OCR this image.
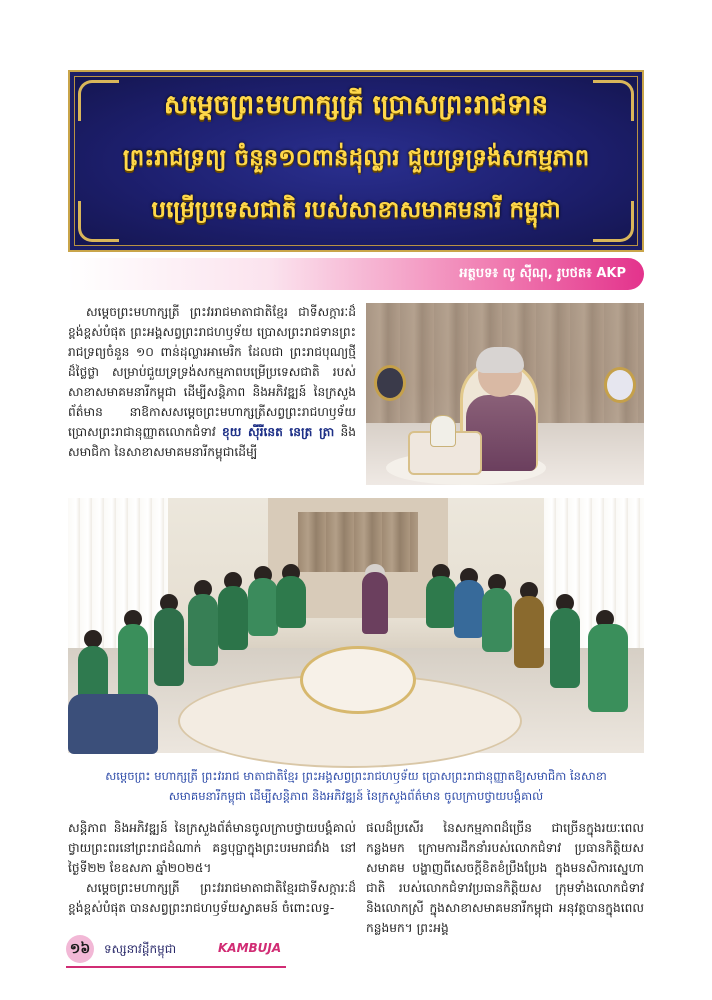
សម្តេចព្រះមហាក្សត្រី ប្រោសព្រះរាជទាន
ព្រះរាជទ្រព្យ ចំនួន១០ពាន់ដុល្លារ ជួយទ្រទ្រង់សកម្មភាព
បម្រើប្រទេសជាតិ របស់សាខាសមាគមនារី កម្ពុជា
អត្ថបទ៖ លូ ស៊ីណុ, រូបថត៖ AKP
សម្តេចព្រះមហាក្សត្រី ព្រះវររាជមាតាជាតិខ្មែរ ជាទីសក្ការៈដ៏ខ្ពង់ខ្ពស់បំផុត ព្រះអង្គសព្វព្រះរាជហឫទ័យ ប្រោសព្រះរាជទានព្រះរាជទ្រព្យចំនួន ១០ ពាន់ដុល្លារអាមេរិក ដែលជា ព្រះរាជបុណ្យថ្មី ដ៏ថ្លៃថ្លា សម្រាប់ជួយទ្រទ្រង់សកម្មភាពបម្រើប្រទេសជាតិ របស់សាខាសមាគមនារីកម្ពុជា ដើម្បីសន្តិភាព និងអភិវឌ្ឍន៍ នៃក្រសួងព័ត៌មាន នាឱកាសសម្តេចព្រះមហាក្សត្រីសព្វព្រះរាជហឫទ័យប្រោសព្រះរាជានុញ្ញាតលោកជំទាវ ខុយ ស៊ីរីនេត នេត្រ ត្រា និងសមាជិកា នៃសាខាសមាគមនារីកម្ពុជាដើម្បី
សម្តេចព្រះ មហាក្សត្រី ព្រះវររាជ មាតាជាតិខ្មែរ ព្រះអង្គសព្វព្រះរាជហឫទ័យ ប្រោសព្រះរាជានុញ្ញាតឱ្យសមាជិកា នៃសាខា
សមាគមនារីកម្ពុជា ដើម្បីសន្តិភាព និងអភិវឌ្ឍន៍ នៃក្រសួងព័ត៌មាន ចូលក្រាបថ្វាយបង្គំគាល់
សន្តិភាព និងអភិវឌ្ឍន៍ នៃក្រសួងព័ត៌មានចូលក្រាបថ្វាយបង្គំគាល់ ថ្វាយព្រះពរនៅព្រះរាជដំណាក់ គន្ធបុប្ផាក្នុងព្រះបរមរាជវាំង នៅថ្ងៃទី២២ ខែឧសភា ឆ្នាំ២០២៥។
សម្តេចព្រះមហាក្សត្រី ព្រះវររាជមាតាជាតិខ្មែរជាទីសក្ការៈដ៏ខ្ពង់ខ្ពស់បំផុត បានសព្វព្រះរាជហឫទ័យស្វាគមន៍ ចំពោះលទ្ធ-
ផលដ៏ប្រសើរ នៃសកម្មភាពដ៏ច្រើន ជាច្រើនក្នុងរយៈពេលកន្លងមក ក្រោមការដឹកនាំរបស់លោកជំទាវ ប្រធានកិត្តិយសសមាគម បង្ហាញពីសេចក្តីខិតខំប្រឹងប្រែង ក្នុងមនសិការស្នេហាជាតិ របស់លោកជំទាវប្រធានកិត្តិយស ក្រុមទាំងលោកជំទាវ និងលោកស្រី ក្នុងសាខាសមាគមនារីកម្ពុជា អនុវត្តបានក្នុងពេលកន្លងមក។ ព្រះអង្គ
១៦	ទស្សនាវដ្ដីកម្ពុជា	KAMBUJA
